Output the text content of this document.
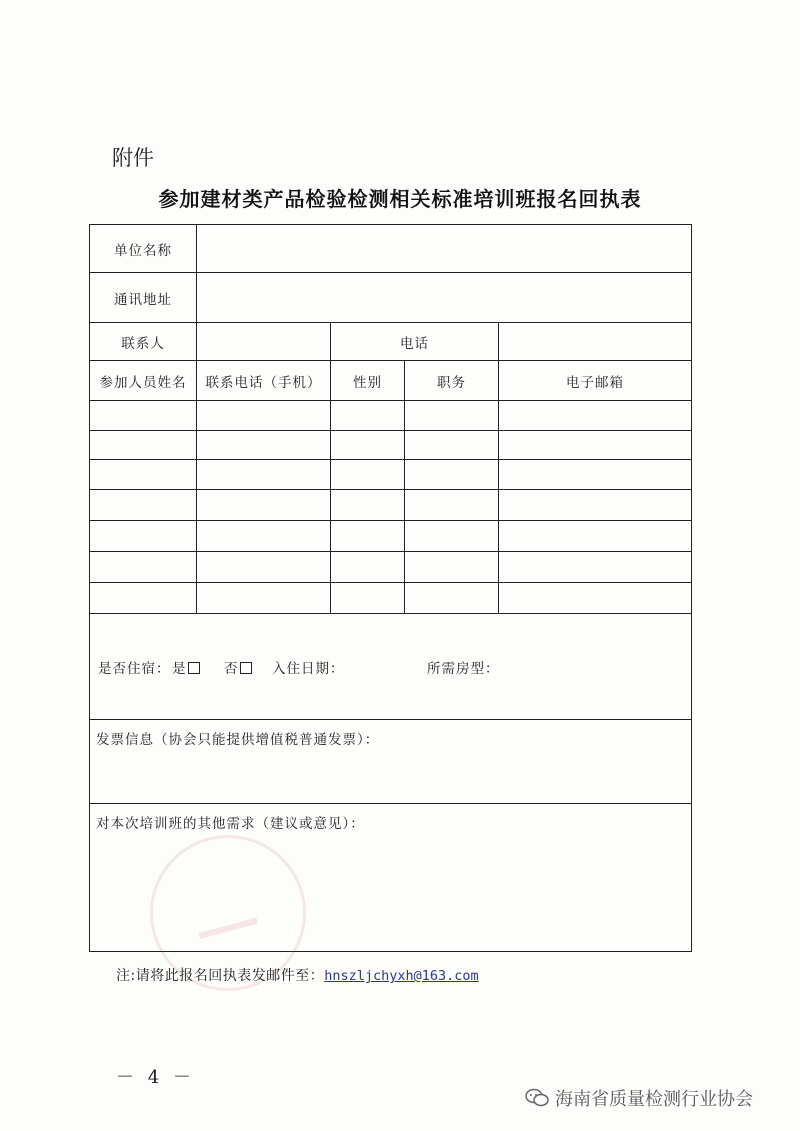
附件
参加建材类产品检验检测相关标准培训班报名回执表
单位名称				
通讯地址				
联系人		电话		
参加人员姓名	联系电话（手机）	性别	职务	电子邮箱

是否住宿： 是 否 入住日期： 所需房型：				

发票信息（协会只能提供增值税普通发票）：				
对本次培训班的其他需求（建议或意见）：				
注:请将此报名回执表发邮件至：hnszljchyxh@163.com
－ 4 －
海南省质量检测行业协会
